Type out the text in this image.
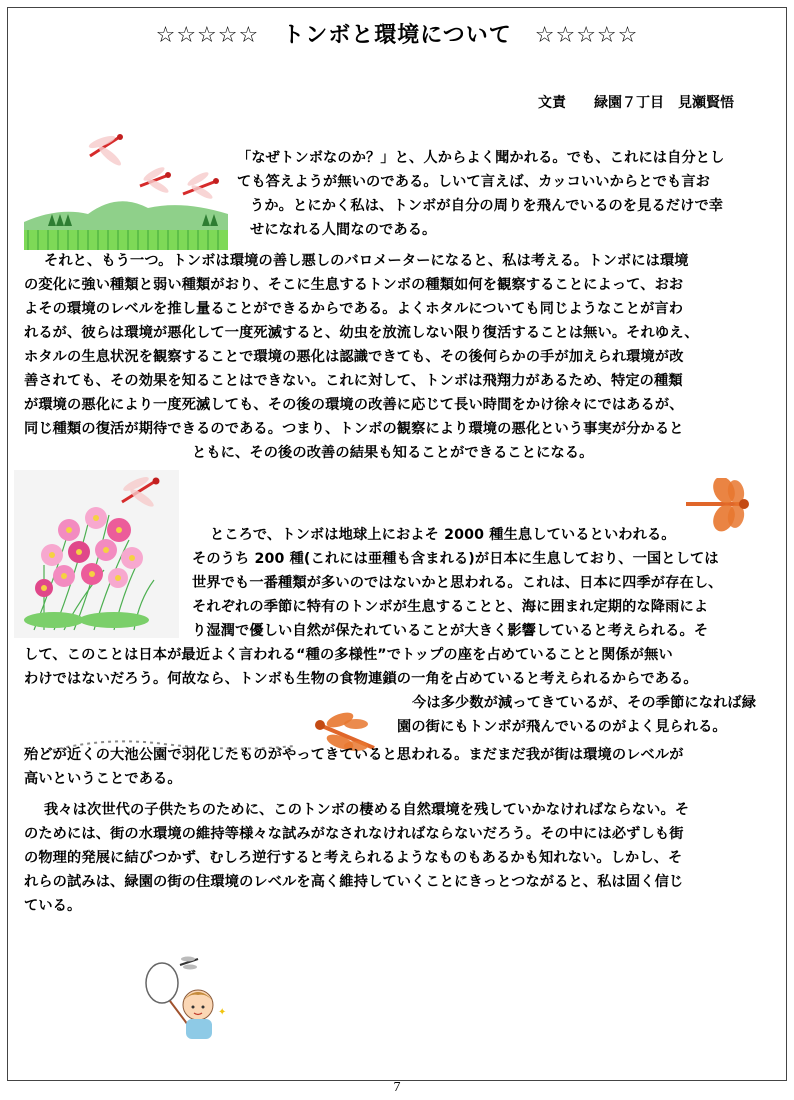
☆☆☆☆☆　トンボと環境について　☆☆☆☆☆
文責　　緑園７丁目　見瀬賢悟
✦
「なぜトンボなのか？」と、人からよく聞かれる。でも、これには自分とし
ても答えようが無いのである。しいて言えば、カッコいいからとでも言お
うか。とにかく私は、トンボが自分の周りを飛んでいるのを見るだけで幸
せになれる人間なのである。
それと、もう一つ。トンボは環境の善し悪しのバロメーターになると、私は考える。トンボには環境
の変化に強い種類と弱い種類がおり、そこに生息するトンボの種類如何を観察することによって、おお
よその環境のレベルを推し量ることができるからである。よくホタルについても同じようなことが言わ
れるが、彼らは環境が悪化して一度死滅すると、幼虫を放流しない限り復活することは無い。それゆえ、
ホタルの生息状況を観察することで環境の悪化は認識できても、その後何らかの手が加えられ環境が改
善されても、その効果を知ることはできない。これに対して、トンボは飛翔力があるため、特定の種類
が環境の悪化により一度死滅しても、その後の環境の改善に応じて長い時間をかけ徐々にではあるが、
同じ種類の復活が期待できるのである。つまり、トンボの観察により環境の悪化という事実が分かると
ともに、その後の改善の結果も知ることができることになる。
ところで、トンボは地球上におよそ 2000 種生息しているといわれる。
そのうち 200 種(これには亜種も含まれる)が日本に生息しており、一国としては
世界でも一番種類が多いのではないかと思われる。これは、日本に四季が存在し、
それぞれの季節に特有のトンボが生息することと、海に囲まれ定期的な降雨によ
り湿潤で優しい自然が保たれていることが大きく影響していると考えられる。そ
して、このことは日本が最近よく言われる“種の多様性”でトップの座を占めていることと関係が無い
わけではないだろう。何故なら、トンボも生物の食物連鎖の一角を占めていると考えられるからである。
今は多少数が減ってきているが、その季節になれば緑
園の街にもトンボが飛んでいるのがよく見られる。
殆どが近くの大池公園で羽化したものがやってきていると思われる。まだまだ我が街は環境のレベルが
高いということである。
我々は次世代の子供たちのために、このトンボの棲める自然環境を残していかなければならない。そ
のためには、街の水環境の維持等様々な試みがなされなければならないだろう。その中には必ずしも街
の物理的発展に結びつかず、むしろ逆行すると考えられるようなものもあるかも知れない。しかし、そ
れらの試みは、緑園の街の住環境のレベルを高く維持していくことにきっとつながると、私は固く信じ
ている。
7
